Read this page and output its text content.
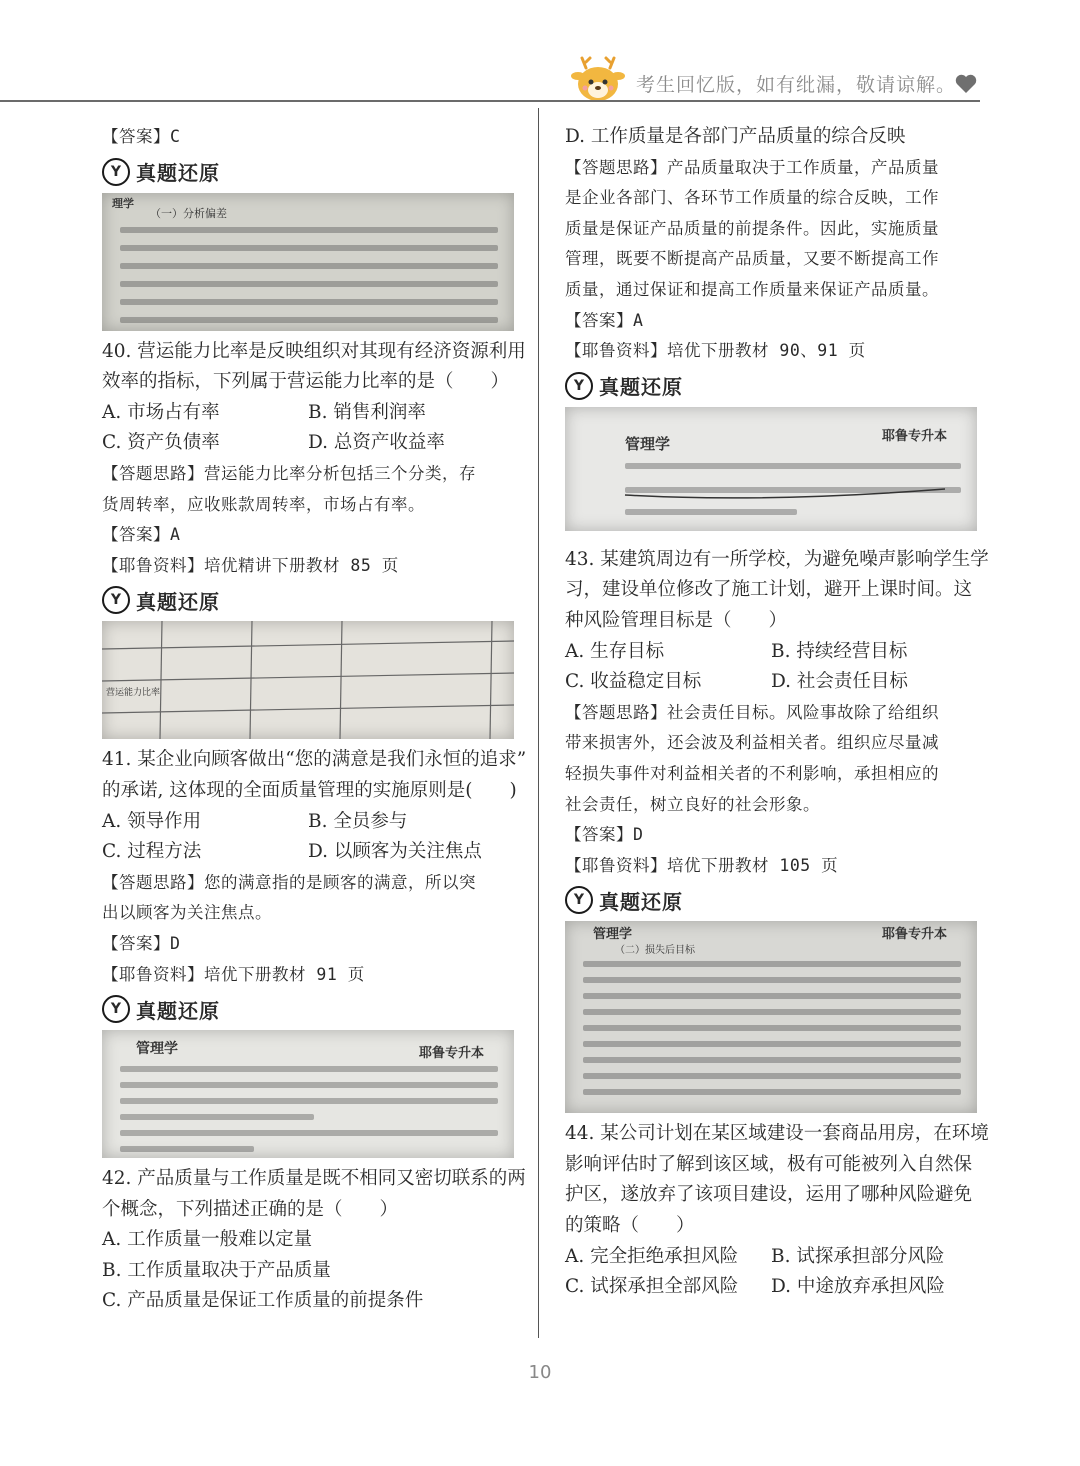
考生回忆版，如有纰漏，敬请谅解。

【答案】C

Y 真题还原
理学
（一）分析偏差

40. 营运能力比率是反映组织对其现有经济资源利用

效率的指标，下列属于营运能力比率的是（　　）

A. 市场占有率	B. 销售利润率
C. 资产负债率	D. 总资产收益率

【答题思路】营运能力比率分析包括三个分类，存

货周转率，应收账款周转率，市场占有率。

【答案】A

【耶鲁资料】培优精讲下册教材 85 页

Y 真题还原
营运能力比率

41. 某企业向顾客做出“您的满意是我们永恒的追求”

的承诺, 这体现的全面质量管理的实施原则是(　　)

A. 领导作用	B. 全员参与
C. 过程方法	D. 以顾客为关注焦点

【答题思路】您的满意指的是顾客的满意，所以突

出以顾客为关注焦点。

【答案】D

【耶鲁资料】培优下册教材 91 页

Y 真题还原
管理学	耶鲁专升本

42. 产品质量与工作质量是既不相同又密切联系的两

个概念，下列描述正确的是（　　）

A. 工作质量一般难以定量

B. 工作质量取决于产品质量

C. 产品质量是保证工作质量的前提条件

D. 工作质量是各部门产品质量的综合反映

【答题思路】产品质量取决于工作质量，产品质量

是企业各部门、各环节工作质量的综合反映，工作

质量是保证产品质量的前提条件。因此，实施质量

管理，既要不断提高产品质量，又要不断提高工作

质量，通过保证和提高工作质量来保证产品质量。

【答案】A

【耶鲁资料】培优下册教材 90、91 页

Y 真题还原
管理学	耶鲁专升本

43. 某建筑周边有一所学校，为避免噪声影响学生学

习，建设单位修改了施工计划，避开上课时间。这

种风险管理目标是（　　）

A. 生存目标	B. 持续经营目标
C. 收益稳定目标	D. 社会责任目标

【答题思路】社会责任目标。风险事故除了给组织

带来损害外，还会波及利益相关者。组织应尽量减

轻损失事件对利益相关者的不利影响，承担相应的

社会责任，树立良好的社会形象。

【答案】D

【耶鲁资料】培优下册教材 105 页

Y 真题还原
管理学	耶鲁专升本
（二）损失后目标

44. 某公司计划在某区域建设一套商品用房，在环境

影响评估时了解到该区域，极有可能被列入自然保

护区，遂放弃了该项目建设，运用了哪种风险避免

的策略（　　）

A. 完全拒绝承担风险	B. 试探承担部分风险
C. 试探承担全部风险	D. 中途放弃承担风险
10
